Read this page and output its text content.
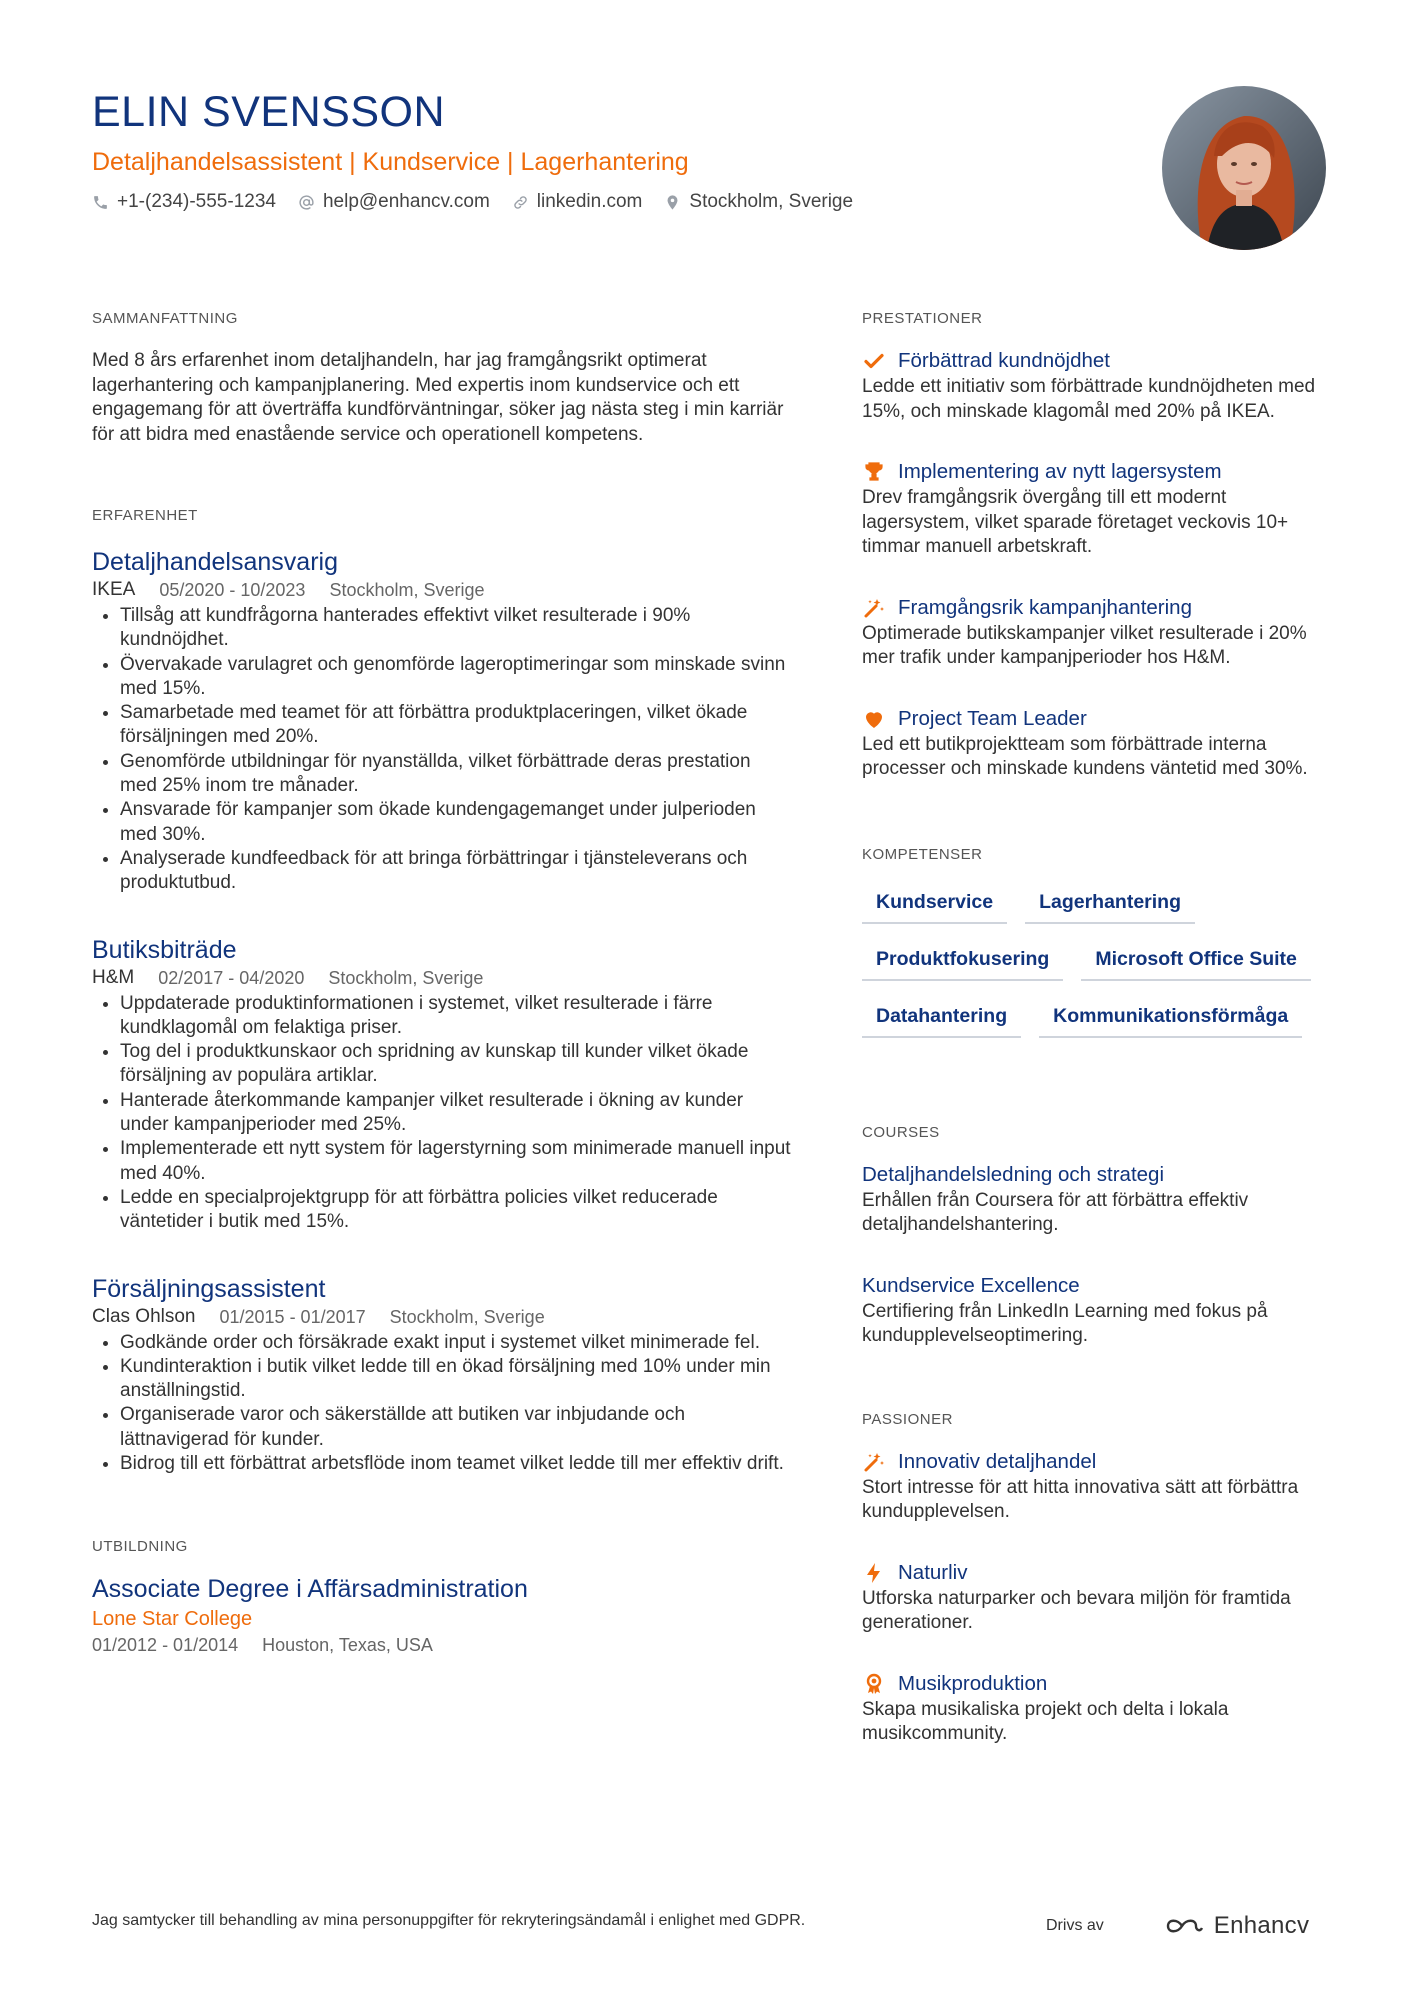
ELIN SVENSSON
Detaljhandelsassistent | Kundservice | Lagerhantering
+1-(234)-555-1234 help@enhancv.com linkedin.com Stockholm, Sverige
SAMMANFATTNING

Med 8 års erfarenhet inom detaljhandeln, har jag framgångsrikt optimerat lagerhantering och kampanjplanering. Med expertis inom kundservice och ett engagemang för att överträffa kundförväntningar, söker jag nästa steg i min karriär för att bidra med enastående service och operationell kompetens.

ERFARENHET
Detaljhandelsansvarig
IKEA 05/2020 - 10/2023 Stockholm, Sverige
• Tillsåg att kundfrågorna hanterades effektivt vilket resulterade i 90% kundnöjdhet.
• Övervakade varulagret och genomförde lageroptimeringar som minskade svinn med 15%.
• Samarbetade med teamet för att förbättra produktplaceringen, vilket ökade försäljningen med 20%.
• Genomförde utbildningar för nyanställda, vilket förbättrade deras prestation med 25% inom tre månader.
• Ansvarade för kampanjer som ökade kundengagemanget under julperioden med 30%.
• Analyserade kundfeedback för att bringa förbättringar i tjänsteleverans och produktutbud.
Butiksbiträde
H&M 02/2017 - 04/2020 Stockholm, Sverige
• Uppdaterade produktinformationen i systemet, vilket resulterade i färre kundklagomål om felaktiga priser.
• Tog del i produktkunskaor och spridning av kunskap till kunder vilket ökade försäljning av populära artiklar.
• Hanterade återkommande kampanjer vilket resulterade i ökning av kunder under kampanjperioder med 25%.
• Implementerade ett nytt system för lagerstyrning som minimerade manuell input med 40%.
• Ledde en specialprojektgrupp för att förbättra policies vilket reducerade väntetider i butik med 15%.
Försäljningsassistent
Clas Ohlson 01/2015 - 01/2017 Stockholm, Sverige
• Godkände order och försäkrade exakt input i systemet vilket minimerade fel.
• Kundinteraktion i butik vilket ledde till en ökad försäljning med 10% under min anställningstid.
• Organiserade varor och säkerställde att butiken var inbjudande och lättnavigerad för kunder.
• Bidrog till ett förbättrat arbetsflöde inom teamet vilket ledde till mer effektiv drift.
UTBILDNING
Associate Degree i Affärsadministration
Lone Star College
01/2012 - 01/2014 Houston, Texas, USA
PRESTATIONER
Förbättrad kundnöjdhet

Ledde ett initiativ som förbättrade kundnöjdheten med 15%, och minskade klagomål med 20% på IKEA.

Implementering av nytt lagersystem

Drev framgångsrik övergång till ett modernt lagersystem, vilket sparade företaget veckovis 10+ timmar manuell arbetskraft.

Framgångsrik kampanjhantering

Optimerade butikskampanjer vilket resulterade i 20% mer trafik under kampanjperioder hos H&M.

Project Team Leader

Led ett butikprojektteam som förbättrade interna processer och minskade kundens väntetid med 30%.

KOMPETENSER
Kundservice	Lagerhantering
Produktfokusering	Microsoft Office Suite
Datahantering	Kommunikationsförmåga
COURSES
Detaljhandelsledning och strategi

Erhållen från Coursera för att förbättra effektiv detaljhandelshantering.

Kundservice Excellence

Certifiering från LinkedIn Learning med fokus på kundupplevelseoptimering.

PASSIONER
Innovativ detaljhandel

Stort intresse för att hitta innovativa sätt att förbättra kundupplevelsen.

Naturliv

Utforska naturparker och bevara miljön för framtida generationer.

Musikproduktion

Skapa musikaliska projekt och delta i lokala musikcommunity.

Jag samtycker till behandling av mina personuppgifter för rekryteringsändamål i enlighet med GDPR.	Drivs av	Enhancv
